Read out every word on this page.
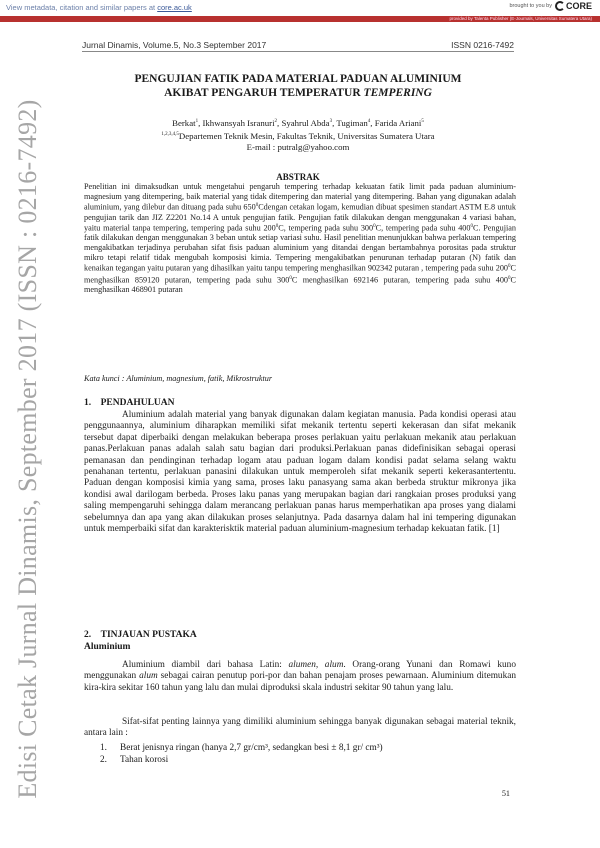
View metadata, citation and similar papers at core.ac.uk	brought to you by CORE
provided by Talenta Publisher (E-Journals, Universitas Sumatera Utara)
Edisi Cetak Jurnal Dinamis, September 2017 (ISSN : 0216-7492)
Jurnal Dinamis, Volume.5, No.3 September 2017	ISSN 0216-7492
PENGUJIAN FATIK PADA MATERIAL PADUAN ALUMINIUM
AKIBAT PENGARUH TEMPERATUR TEMPERING
Berkat$^1$, Ikhwansyah Isranuri$^2$, Syahrul Abda$^3$, Tugiman$^4$, Farida Ariani$^5$
$^{1,2,3,4,5}$Departemen Teknik Mesin, Fakultas Teknik, Universitas Sumatera Utara
E-mail : putralg@yahoo.com
ABSTRAK
Penelitian ini dimaksudkan untuk mengetahui pengaruh tempering terhadap kekuatan fatik limit pada paduan aluminium-magnesium yang ditempering, baik material yang tidak ditempering dan material yang ditempering. Bahan yang digunakan adalah aluminium, yang dilebur dan dituang pada suhu $650^0Cdengan$ cetakan logam, kemudian dibuat spesimen standart ASTM E.8 untuk pengujian tarik dan JIZ Z2201 No.14 A untuk pengujian fatik. Pengujian fatik dilakukan dengan menggunakan 4 variasi bahan, yaitu material tanpa tempering, tempering pada suhu $200^0C$, tempering pada suhu $300^0C$, tempering pada suhu $400^0C$. Pengujian fatik dilakukan dengan menggunakan 3 beban untuk setiap variasi suhu. Hasil penelitian menunjukkan bahwa perlakuan tempering mengakibatkan terjadinya perubahan sifat fisis paduan aluminium yang ditandai dengan bertambahnya porositas pada struktur mikro tetapi relatif tidak mengubah komposisi kimia. Tempering mengakibatkan penurunan terhadap putaran (N) fatik dan kenaikan tegangan yaitu putaran yang dihasilkan yaitu tanpu tempering menghasilkan 902342 putaran , tempering pada suhu $200^0C$ menghasilkan 859120 putaran, tempering pada suhu $300^0C$ menghasilkan 692146 putaran, tempering pada suhu $400^0C$ menghasilkan 468901 putaran
Kata kunci : Aluminium, magnesium, fatik, Mikrostruktur
1. PENDAHULUAN
Aluminium adalah material yang banyak digunakan dalam kegiatan manusia. Pada kondisi operasi atau penggunaannya, aluminium diharapkan memiliki sifat mekanik tertentu seperti kekerasan dan sifat mekanik tersebut dapat diperbaiki dengan melakukan beberapa proses perlakuan yaitu perlakuan mekanik atau perlakuan panas.Perlakuan panas adalah salah satu bagian dari produksi.Perlakuan panas didefinisikan sebagai operasi pemanasan dan pendinginan terhadap logam atau paduan logam dalam kondisi padat selama selang waktu penahanan tertentu, perlakuan panasini dilakukan untuk memperoleh sifat mekanik seperti kekerasantertentu. Paduan dengan komposisi kimia yang sama, proses laku panasyang sama akan berbeda struktur mikronya jika kondisi awal darilogam berbeda. Proses laku panas yang merupakan bagian dari rangkaian proses produksi yang saling mempengaruhi sehingga dalam merancang perlakuan panas harus memperhatikan apa proses yang dialami sebelumnya dan apa yang akan dilakukan proses selanjutnya. Pada dasarnya dalam hal ini tempering digunakan untuk memperbaiki sifat dan karakterisktik material paduan aluminium-magnesium terhadap kekuatan fatik. [1]
2. TINJAUAN PUSTAKA
Aluminium
Aluminium diambil dari bahasa Latin: alumen, alum. Orang-orang Yunani dan Romawi kuno menggunakan alum sebagai cairan penutup pori-por dan bahan penajam proses pewarnaan. Aluminium ditemukan kira-kira sekitar 160 tahun yang lalu dan mulai diproduksi skala industri sekitar 90 tahun yang lalu.
Sifat-sifat penting lainnya yang dimiliki aluminium sehingga banyak digunakan sebagai material teknik, antara lain :
1.	Berat jenisnya ringan (hanya 2,7 gr/cm³, sedangkan besi ± 8,1 gr/ cm³)
2.	Tahan korosi
51
